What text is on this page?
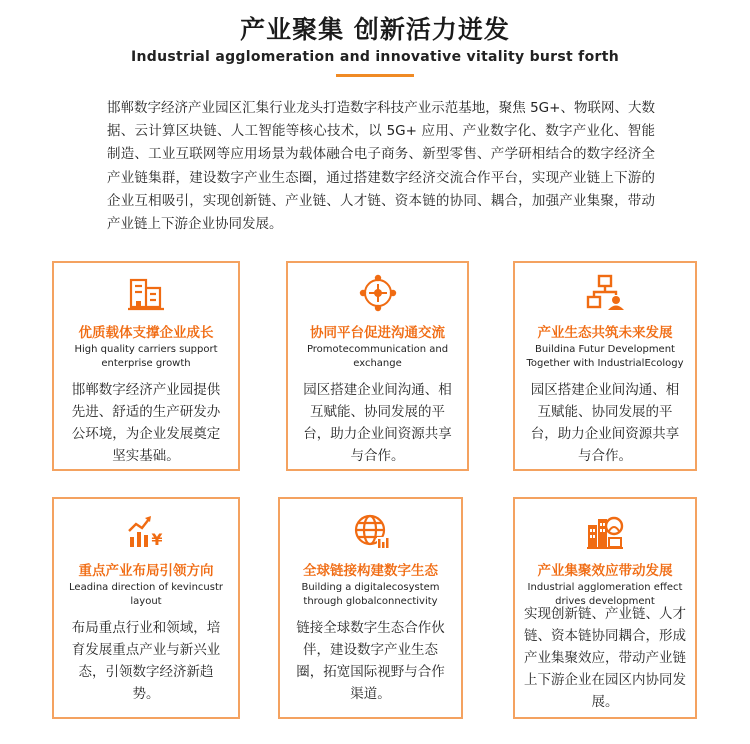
产业聚集 创新活力迸发
Industrial agglomeration and innovative vitality burst forth

邯郸数字经济产业园区汇集行业龙头打造数字科技产业示范基地，聚焦 5G+、物联网、大数据、云计算区块链、人工智能等核心技术，以 5G+ 应用、产业数字化、数字产业化、智能制造、工业互联网等应用场景为载体融合电子商务、新型零售、产学研相结合的数字经济全产业链集群，建设数字产业生态圈，通过搭建数字经济交流合作平台，实现产业链上下游的企业互相吸引，实现创新链、产业链、人才链、资本链的协同、耦合，加强产业集聚，带动产业链上下游企业协同发展。

优质载体支撑企业成长
High quality carriers support enterprise growth
邯郸数字经济产业园提供先进、舒适的生产研发办公环境，为企业发展奠定坚实基础。
协同平台促进沟通交流
Promotecommunication and exchange
园区搭建企业间沟通、相互赋能、协同发展的平台，助力企业间资源共享与合作。
产业生态共筑未来发展
Buildina Futur Development Together with IndustrialEcology
园区搭建企业间沟通、相互赋能、协同发展的平台，助力企业间资源共享与合作。
¥
重点产业布局引领方向
Leadina direction of kevincustr layout
布局重点行业和领域，培育发展重点产业与新兴业态，引领数字经济新趋势。
全球链接构建数字生态
Building a digitalecosystem through globalconnectivity
链接全球数字生态合作伙伴，建设数字产业生态圈，拓宽国际视野与合作渠道。
产业集聚效应带动发展
Industrial agglomeration effect drives development
实现创新链、产业链、人才链、资本链协同耦合，形成产业集聚效应，带动产业链上下游企业在园区内协同发展。
